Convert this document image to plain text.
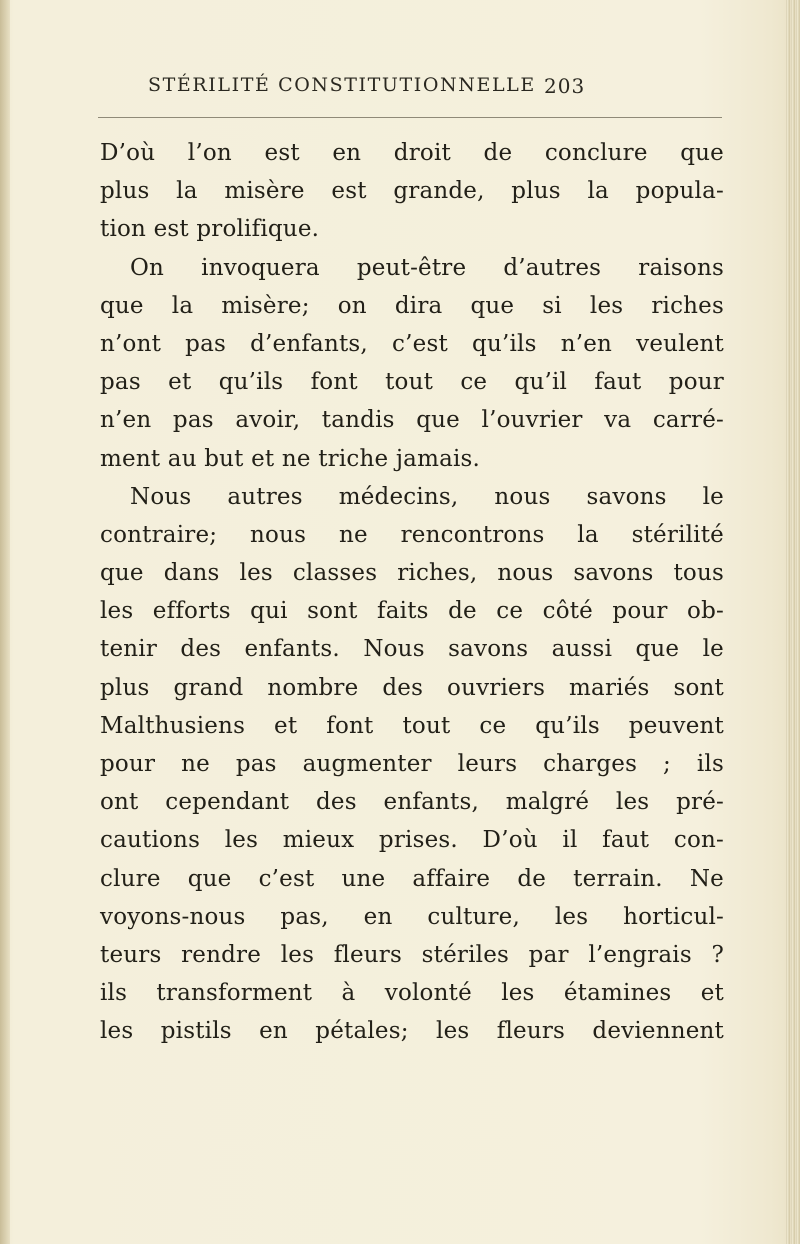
STÉRILITÉ CONSTITUTIONNELLE 203
D’où l’on est en droit de conclure que
plus la misère est grande, plus la popula-
tion est prolifique.
On invoquera peut-être d’autres raisons
que la misère; on dira que si les riches
n’ont pas d’enfants, c’est qu’ils n’en veulent
pas et qu’ils font tout ce qu’il faut pour
n’en pas avoir, tandis que l’ouvrier va carré-
ment au but et ne triche jamais.
Nous autres médecins, nous savons le
contraire; nous ne rencontrons la stérilité
que dans les classes riches, nous savons tous
les efforts qui sont faits de ce côté pour ob-
tenir des enfants. Nous savons aussi que le
plus grand nombre des ouvriers mariés sont
Malthusiens et font tout ce qu’ils peuvent
pour ne pas augmenter leurs charges ; ils
ont cependant des enfants, malgré les pré-
cautions les mieux prises. D’où il faut con-
clure que c’est une affaire de terrain. Ne
voyons-nous pas, en culture, les horticul-
teurs rendre les fleurs stériles par l’engrais ?
ils transforment à volonté les étamines et
les pistils en pétales; les fleurs deviennent
